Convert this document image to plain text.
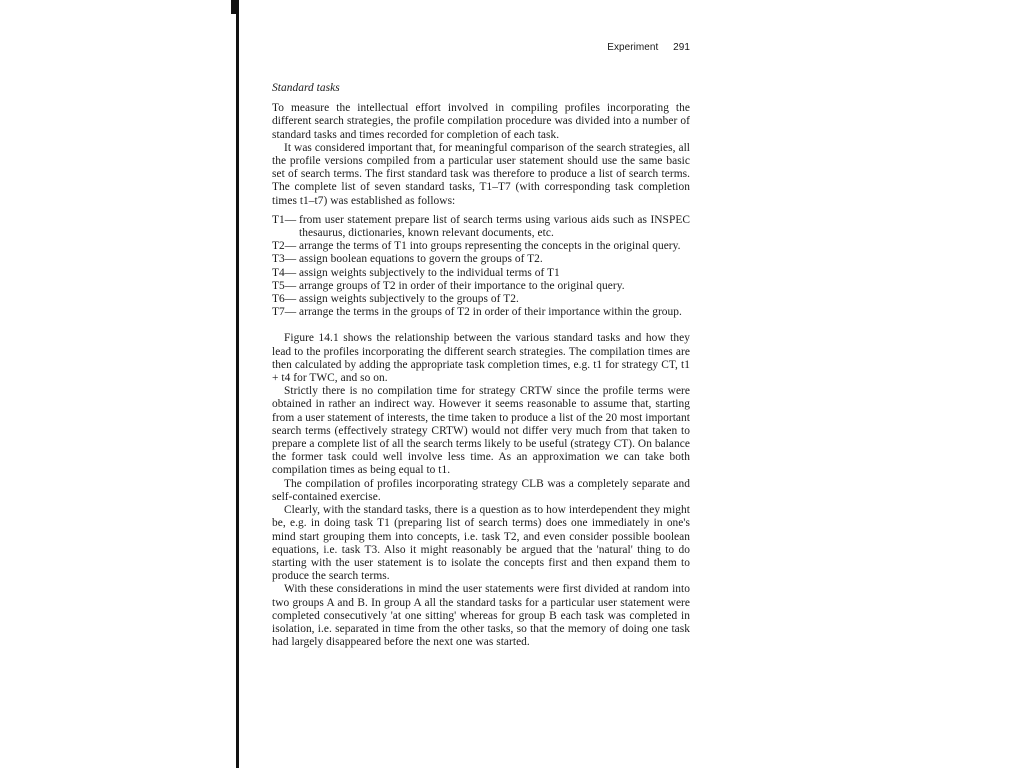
Experiment 291
Standard tasks

To measure the intellectual effort involved in compiling profiles incorporating the different search strategies, the profile compilation procedure was divided into a number of standard tasks and times recorded for completion of each task.

It was considered important that, for meaningful comparison of the search strategies, all the profile versions compiled from a particular user statement should use the same basic set of search terms. The first standard task was therefore to produce a list of search terms. The complete list of seven standard tasks, T1–T7 (with corresponding task completion times t1–t7) was established as follows:

T1— from user statement prepare list of search terms using various aids such as INSPEC thesaurus, dictionaries, known relevant documents, etc.
T2— arrange the terms of T1 into groups representing the concepts in the original query.
T3— assign boolean equations to govern the groups of T2.
T4— assign weights subjectively to the individual terms of T1
T5— arrange groups of T2 in order of their importance to the original query.
T6— assign weights subjectively to the groups of T2.
T7— arrange the terms in the groups of T2 in order of their importance within the group.

Figure 14.1 shows the relationship between the various standard tasks and how they lead to the profiles incorporating the different search strategies. The compilation times are then calculated by adding the appropriate task completion times, e.g. t1 for strategy CT, t1 + t4 for TWC, and so on.

Strictly there is no compilation time for strategy CRTW since the profile terms were obtained in rather an indirect way. However it seems reasonable to assume that, starting from a user statement of interests, the time taken to produce a list of the 20 most important search terms (effectively strategy CRTW) would not differ very much from that taken to prepare a complete list of all the search terms likely to be useful (strategy CT). On balance the former task could well involve less time. As an approximation we can take both compilation times as being equal to t1.

The compilation of profiles incorporating strategy CLB was a completely separate and self-contained exercise.

Clearly, with the standard tasks, there is a question as to how interdependent they might be, e.g. in doing task T1 (preparing list of search terms) does one immediately in one's mind start grouping them into concepts, i.e. task T2, and even consider possible boolean equations, i.e. task T3. Also it might reasonably be argued that the 'natural' thing to do starting with the user statement is to isolate the concepts first and then expand them to produce the search terms.

With these considerations in mind the user statements were first divided at random into two groups A and B. In group A all the standard tasks for a particular user statement were completed consecutively 'at one sitting' whereas for group B each task was completed in isolation, i.e. separated in time from the other tasks, so that the memory of doing one task had largely disappeared before the next one was started.
